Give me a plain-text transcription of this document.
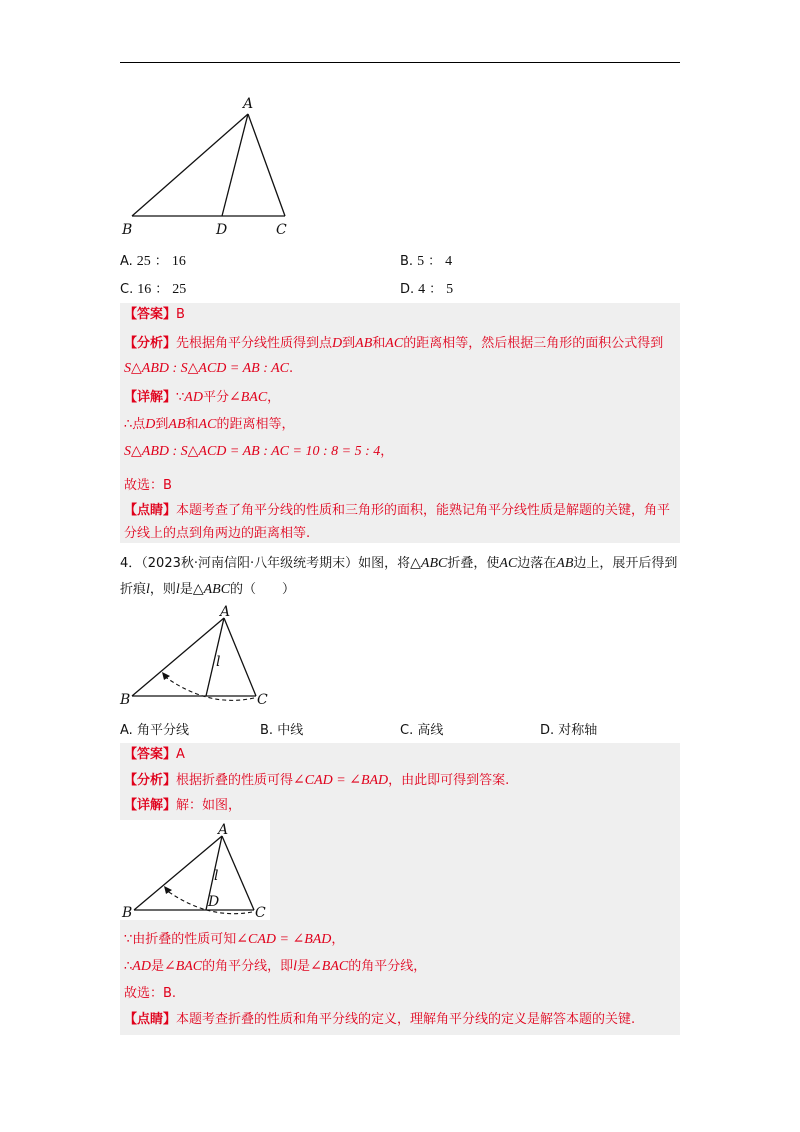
A
B	D	C
A. 25 ： 16	B. 5 ： 4
C. 16 ： 25	D. 4 ： 5
【答案】B
【分析】先根据角平分线性质得到点D到AB和AC的距离相等，然后根据三角形的面积公式得到S△ABD : S△ACD = AB : AC.
【详解】∵AD平分∠BAC，
∴点D到AB和AC的距离相等，
S△ABD : S△ACD = AB : AC = 10 : 8 = 5 : 4，
故选：B
【点睛】本题考查了角平分线的性质和三角形的面积，能熟记角平分线性质是解题的关键，角平分线上的点到角两边的距离相等.
4．（2023秋·河南信阳·八年级统考期末）如图，将△ABC折叠，使AC边落在AB边上，展开后得到折痕l，则l是△ABC的（　　）
A
B	C
l
A. 角平分线	B. 中线	C. 高线	D. 对称轴
【答案】A
【分析】根据折叠的性质可得∠CAD = ∠BAD，由此即可得到答案.
【详解】解：如图，
A
B	C
l
D
∵由折叠的性质可知∠CAD = ∠BAD，
∴AD是∠BAC的角平分线，即l是∠BAC的角平分线，
故选：B.
【点睛】本题考查折叠的性质和角平分线的定义，理解角平分线的定义是解答本题的关键.
